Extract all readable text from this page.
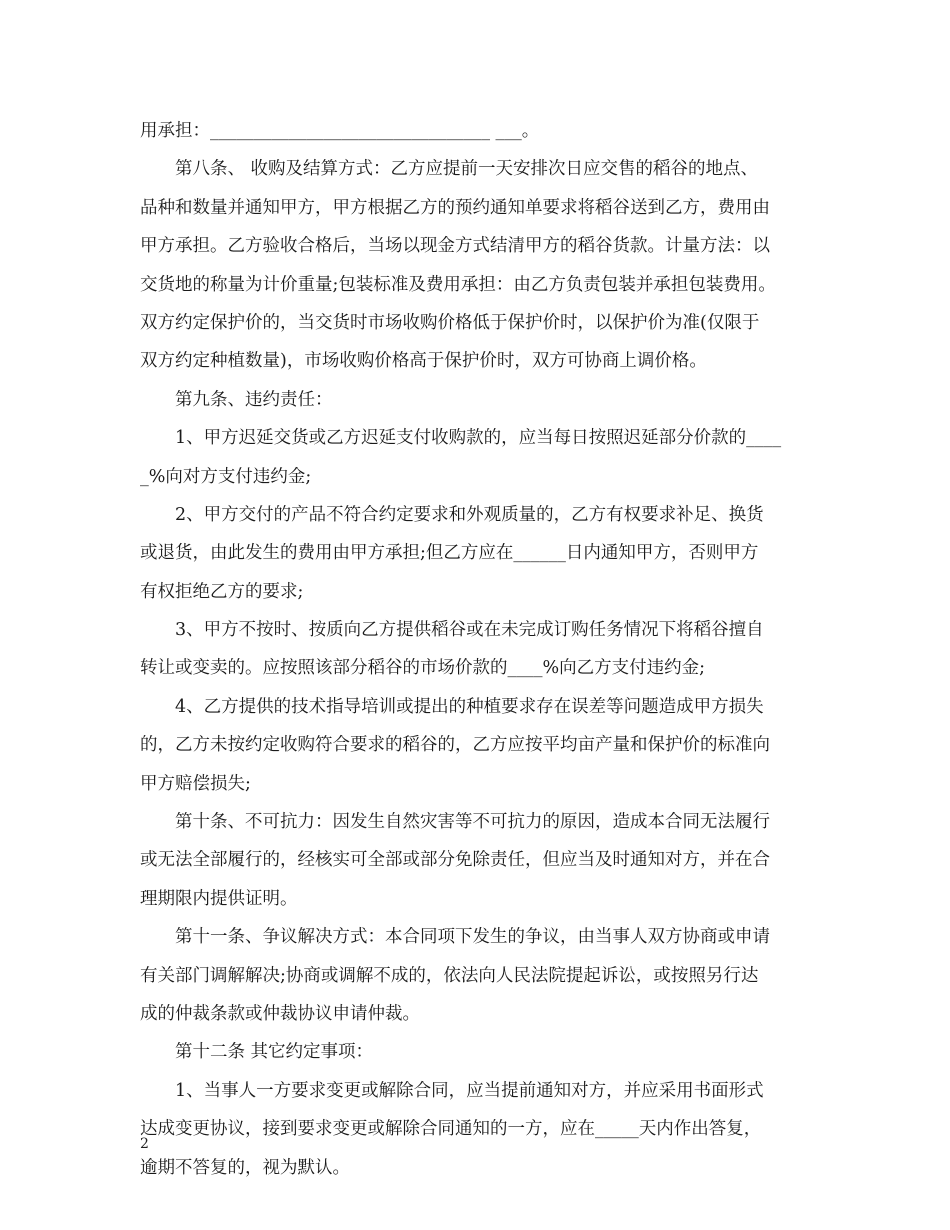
用承担：________________________________ ___。
第八条、 收购及结算方式：乙方应提前一天安排次日应交售的稻谷的地点、
品种和数量并通知甲方，甲方根据乙方的预约通知单要求将稻谷送到乙方，费用由
甲方承担。乙方验收合格后，当场以现金方式结清甲方的稻谷货款。计量方法：以
交货地的称量为计价重量;包装标准及费用承担：由乙方负责包装并承担包装费用。
双方约定保护价的，当交货时市场收购价格低于保护价时，以保护价为准(仅限于
双方约定种植数量)，市场收购价格高于保护价时，双方可协商上调价格。
第九条、违约责任：
1、甲方迟延交货或乙方迟延支付收购款的，应当每日按照迟延部分价款的____
_%向对方支付违约金;
2、甲方交付的产品不符合约定要求和外观质量的，乙方有权要求补足、换货
或退货，由此发生的费用由甲方承担;但乙方应在______日内通知甲方，否则甲方
有权拒绝乙方的要求;
3、甲方不按时、按质向乙方提供稻谷或在未完成订购任务情况下将稻谷擅自
转让或变卖的。应按照该部分稻谷的市场价款的____%向乙方支付违约金;
4、乙方提供的技术指导培训或提出的种植要求存在误差等问题造成甲方损失
的，乙方未按约定收购符合要求的稻谷的，乙方应按平均亩产量和保护价的标准向
甲方赔偿损失;
第十条、不可抗力：因发生自然灾害等不可抗力的原因，造成本合同无法履行
或无法全部履行的，经核实可全部或部分免除责任，但应当及时通知对方，并在合
理期限内提供证明。
第十一条、争议解决方式：本合同项下发生的争议，由当事人双方协商或申请
有关部门调解解决;协商或调解不成的，依法向人民法院提起诉讼，或按照另行达
成的仲裁条款或仲裁协议申请仲裁。
第十二条 其它约定事项：
1、当事人一方要求变更或解除合同，应当提前通知对方，并应采用书面形式
达成变更协议，接到要求变更或解除合同通知的一方，应在_____天内作出答复，
逾期不答复的，视为默认。
2
